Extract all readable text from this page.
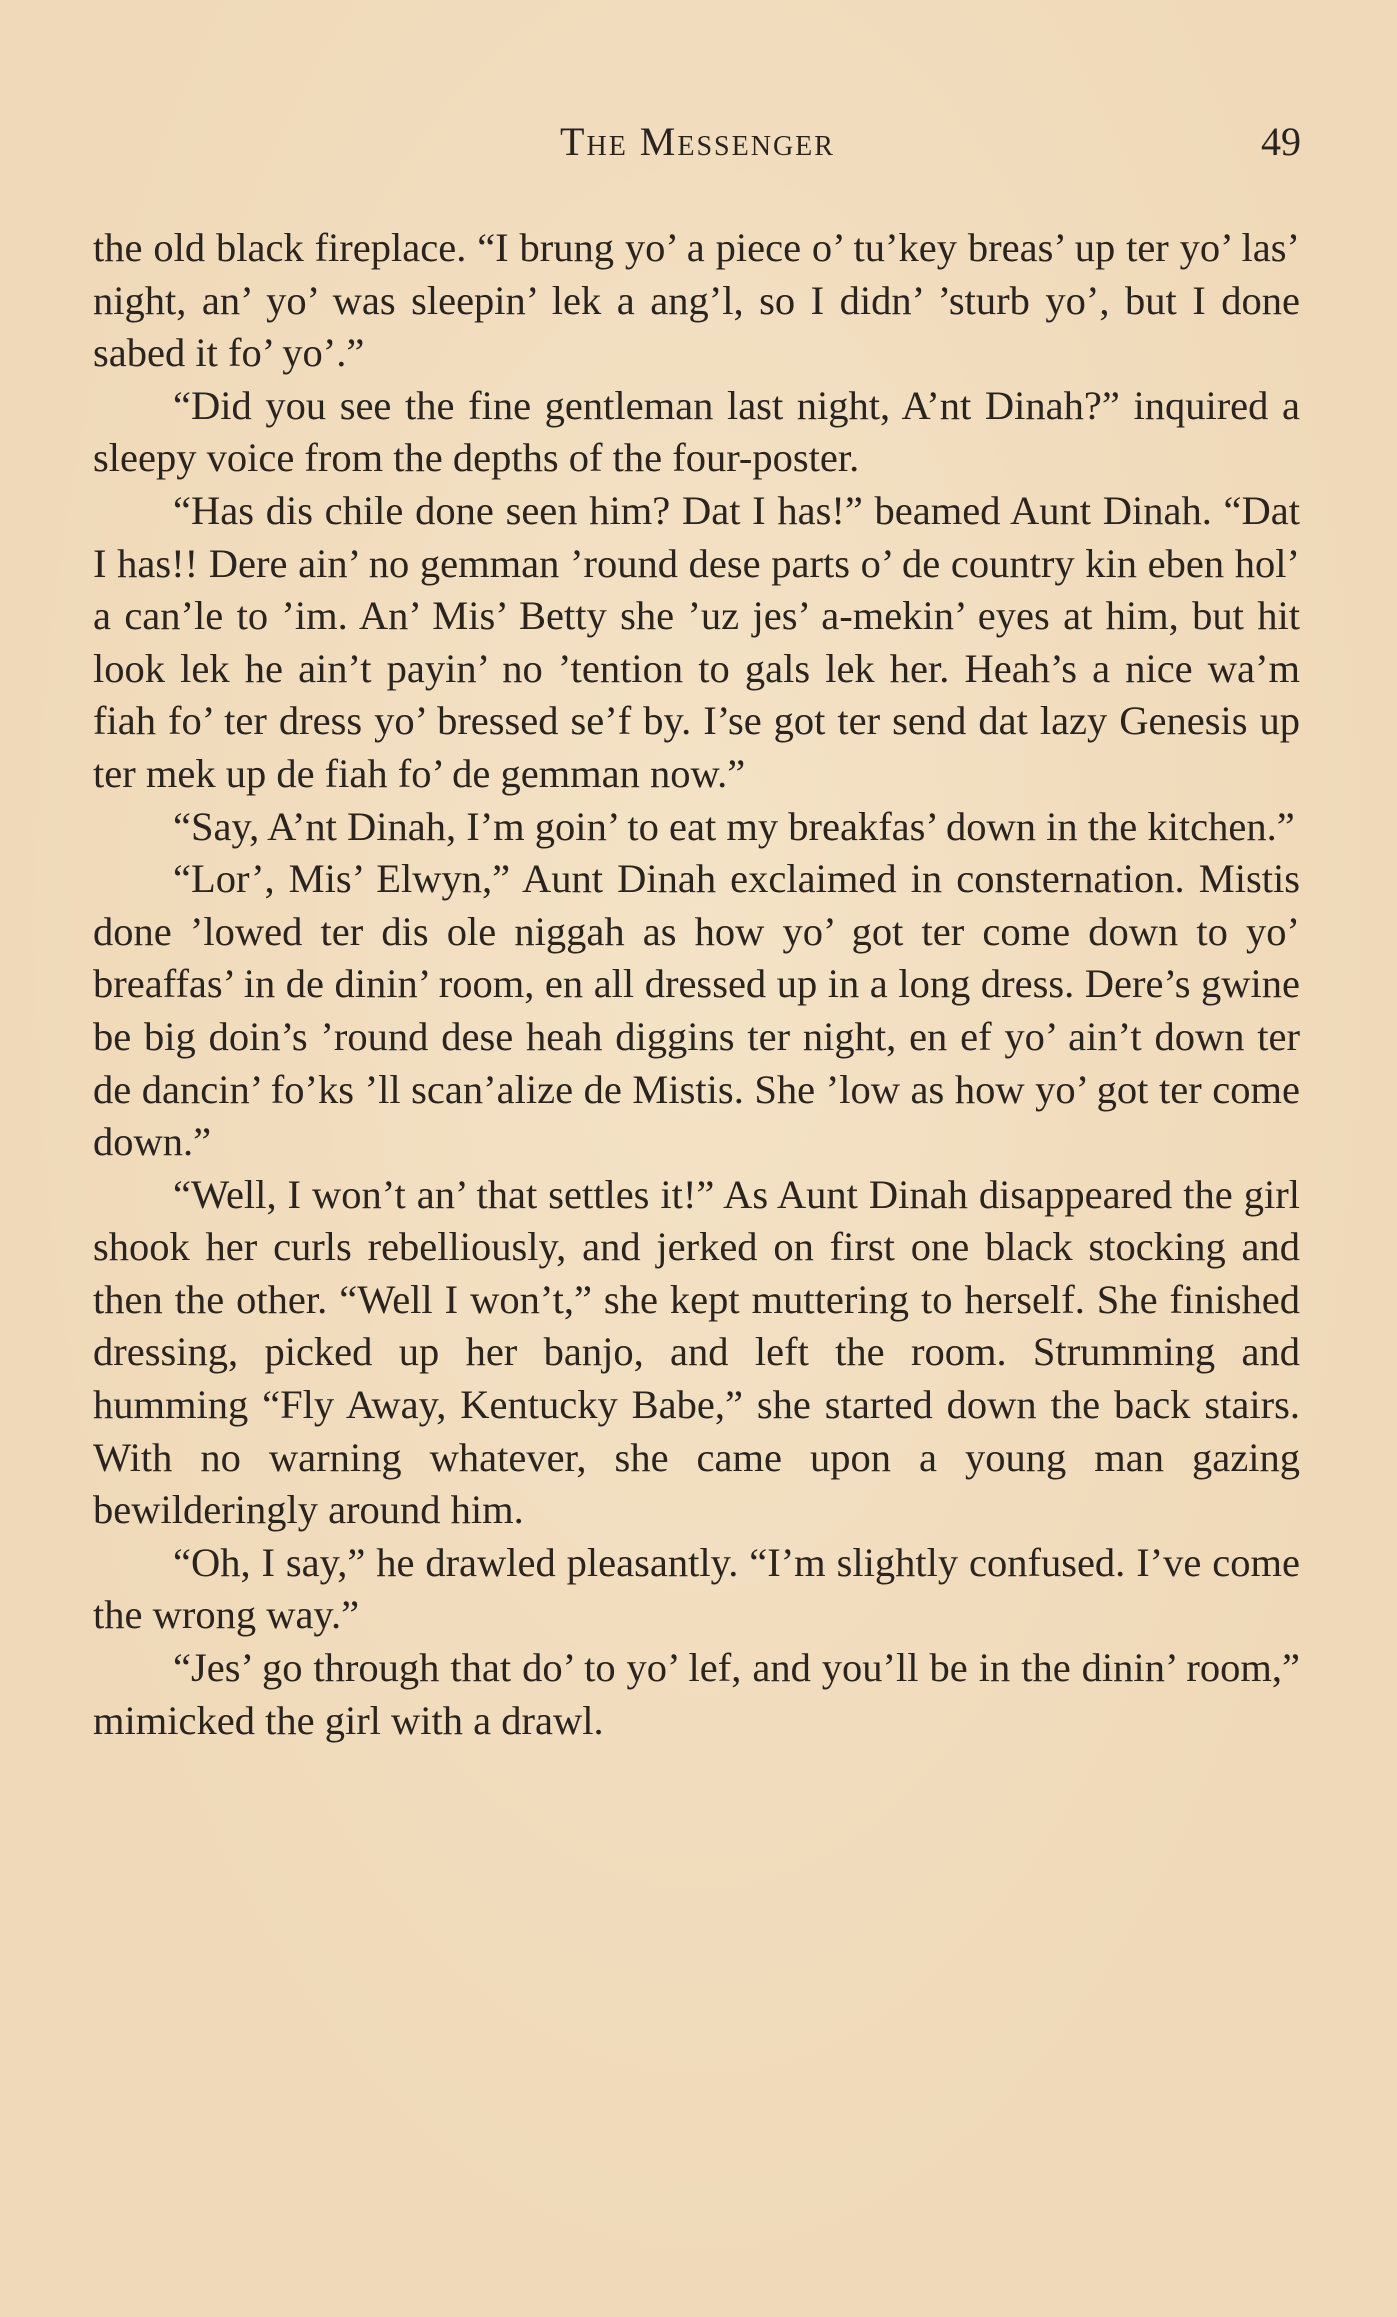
The Messenger	49

the old black fireplace. “I brung yo’ a piece o’ tu’key breas’ up ter yo’ las’ night, an’ yo’ was sleepin’ lek a ang’l, so I didn’ ’sturb yo’, but I done sabed it fo’ yo’.”

“Did you see the fine gentleman last night, A’nt Dinah?” inquired a sleepy voice from the depths of the four-poster.

“Has dis chile done seen him? Dat I has!” beamed Aunt Dinah. “Dat I has!! Dere ain’ no gemman ’round dese parts o’ de country kin eben hol’ a can’le to ’im. An’ Mis’ Betty she ’uz jes’ a-mekin’ eyes at him, but hit look lek he ain’t payin’ no ’tention to gals lek her. Heah’s a nice wa’m fiah fo’ ter dress yo’ bressed se’f by. I’se got ter send dat lazy Genesis up ter mek up de fiah fo’ de gemman now.”

“Say, A’nt Dinah, I’m goin’ to eat my breakfas’ down in the kitchen.”

“Lor’, Mis’ Elwyn,” Aunt Dinah exclaimed in consternation. Mistis done ’lowed ter dis ole niggah as how yo’ got ter come down to yo’ breaffas’ in de dinin’ room, en all dressed up in a long dress. Dere’s gwine be big doin’s ’round dese heah diggins ter night, en ef yo’ ain’t down ter de dancin’ fo’ks ’ll scan’alize de Mistis. She ’low as how yo’ got ter come down.”

“Well, I won’t an’ that settles it!” As Aunt Dinah disappeared the girl shook her curls rebelliously, and jerked on first one black stocking and then the other. “Well I won’t,” she kept muttering to herself. She finished dressing, picked up her banjo, and left the room. Strumming and humming “Fly Away, Kentucky Babe,” she started down the back stairs. With no warning whatever, she came upon a young man gazing bewilderingly around him.

“Oh, I say,” he drawled pleasantly. “I’m slightly confused. I’ve come the wrong way.”

“Jes’ go through that do’ to yo’ lef, and you’ll be in the dinin’ room,” mimicked the girl with a drawl.
